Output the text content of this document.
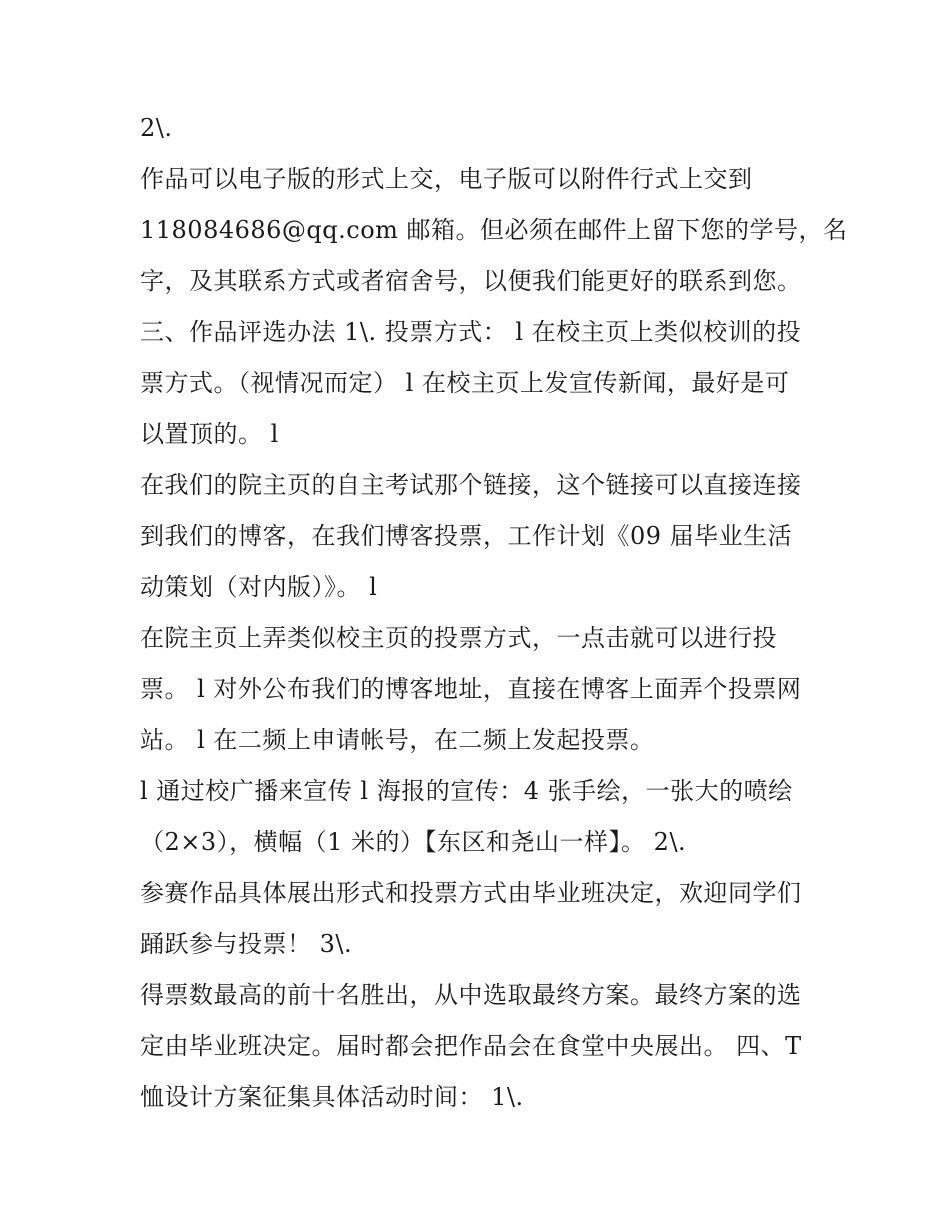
2\.
作品可以电子版的形式上交，电子版可以附件行式上交到
118084686@qq.com 邮箱。但必须在邮件上留下您的学号，名
字，及其联系方式或者宿舍号，以便我们能更好的联系到您。
三、作品评选办法 1\. 投票方式： l 在校主页上类似校训的投
票方式。（视情况而定） l 在校主页上发宣传新闻，最好是可
以置顶的。 l
在我们的院主页的自主考试那个链接，这个链接可以直接连接
到我们的博客，在我们博客投票，工作计划《09 届毕业生活
动策划（对内版）》。 l
在院主页上弄类似校主页的投票方式，一点击就可以进行投
票。 l 对外公布我们的博客地址，直接在博客上面弄个投票网
站。 l 在二频上申请帐号，在二频上发起投票。
l 通过校广播来宣传 l 海报的宣传：4 张手绘，一张大的喷绘
（2×3），横幅（1 米的）【东区和尧山一样】。 2\.
参赛作品具体展出形式和投票方式由毕业班决定，欢迎同学们
踊跃参与投票！ 3\.
得票数最高的前十名胜出，从中选取最终方案。最终方案的选
定由毕业班决定。届时都会把作品会在食堂中央展出。 四、T
恤设计方案征集具体活动时间： 1\.
